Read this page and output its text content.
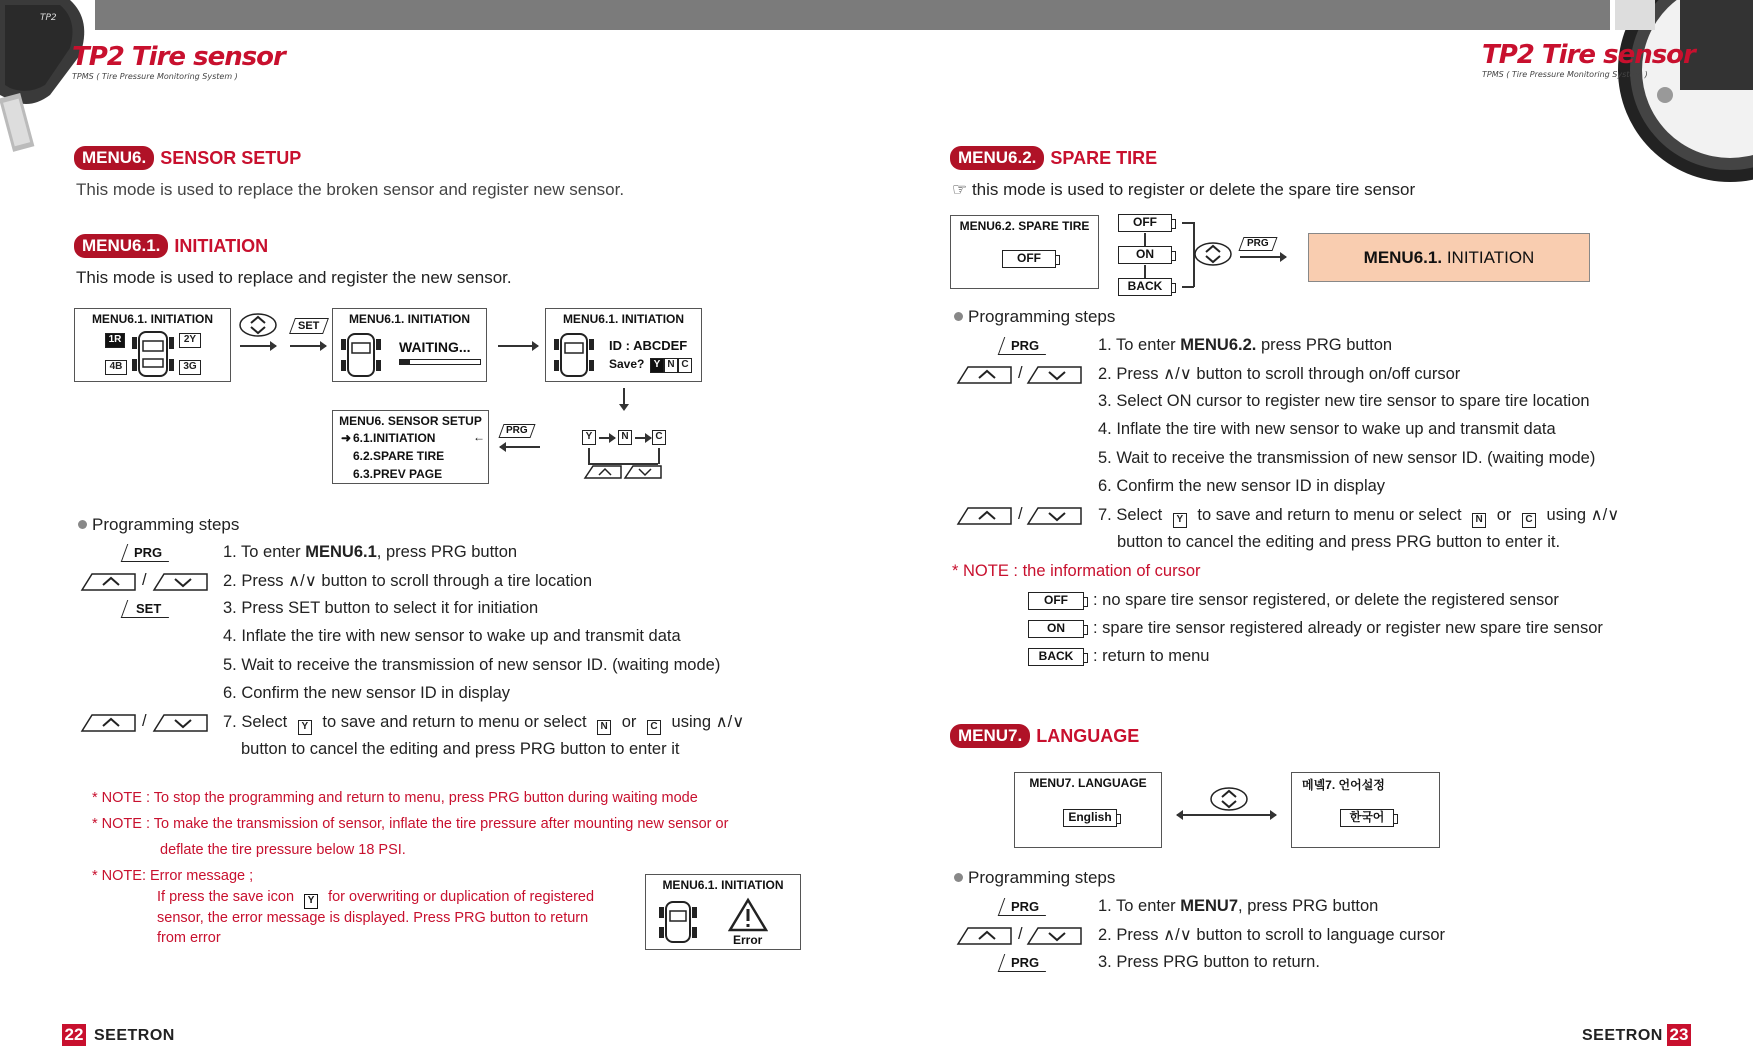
TP2
TP2 Tire sensor
TPMS ( Tire Pressure Monitoring System )
TP2 Tire sensor
TPMS ( Tire Pressure Monitoring System )
MENU6. SENSOR SETUP
This mode is used to replace the broken sensor and register new sensor.
MENU6.1. INITIATION
This mode is used to replace and register the new sensor.
MENU6.1. INITIATION
1R	2Y
4B	3G
SET	MENU6.1. INITIATION
WAITING...
MENU6.1. INITIATION
ID : ABCDEF
Save? Y N C
MENU6. SENSOR SETUP
➜ 6.1.INITIATION	←
6.2.SPARE TIRE
6.3.PREV PAGE
PRG
Y	N	C
Programming steps
PRG	1. To enter MENU6.1, press PRG button
/	2. Press ∧/∨ button to scroll through a tire location
SET	3. Press SET button to select it for initiation
4. Inflate the tire with new sensor to wake up and transmit data
5. Wait to receive the transmission of new sensor ID. (waiting mode)
6. Confirm the new sensor ID in display
/	7. Select Y to save and return to menu or select N or C using ∧/∨
button to cancel the editing and press PRG button to enter it
* NOTE : To stop the programming and return to menu, press PRG button during waiting mode
* NOTE : To make the transmission of sensor, inflate the tire pressure after mounting new sensor or
deflate the tire pressure below 18 PSI.
* NOTE: Error message ;
If press the save icon Y for overwriting or duplication of registered
sensor, the error message is displayed. Press PRG button to return
from error
MENU6.1. INITIATION
Error
22 SEETRON
MENU6.2. SPARE TIRE
☞ this mode is used to register or delete the spare tire sensor
MENU6.2. SPARE TIRE
OFF
OFF
ON
BACK
PRG
MENU6.1. INITIATION
Programming steps
PRG	1. To enter MENU6.2. press PRG button
/	2. Press ∧/∨ button to scroll through on/off cursor
3. Select ON cursor to register new tire sensor to spare tire location
4. Inflate the tire with new sensor to wake up and transmit data
5. Wait to receive the transmission of new sensor ID. (waiting mode)
6. Confirm the new sensor ID in display
/	7. Select Y to save and return to menu or select N or C using ∧/∨
button to cancel the editing and press PRG button to enter it.
* NOTE : the information of cursor
OFF	: no spare tire sensor registered, or delete the registered sensor
ON	: spare tire sensor registered already or register new spare tire sensor
BACK	: return to menu
MENU7. LANGUAGE
MENU7. LANGUAGE
English
메녴7. 언어설정
한국어
Programming steps
PRG	1. To enter MENU7, press PRG button
/	2. Press ∧/∨ button to scroll to language cursor
PRG	3. Press PRG button to return.
SEETRON 23
